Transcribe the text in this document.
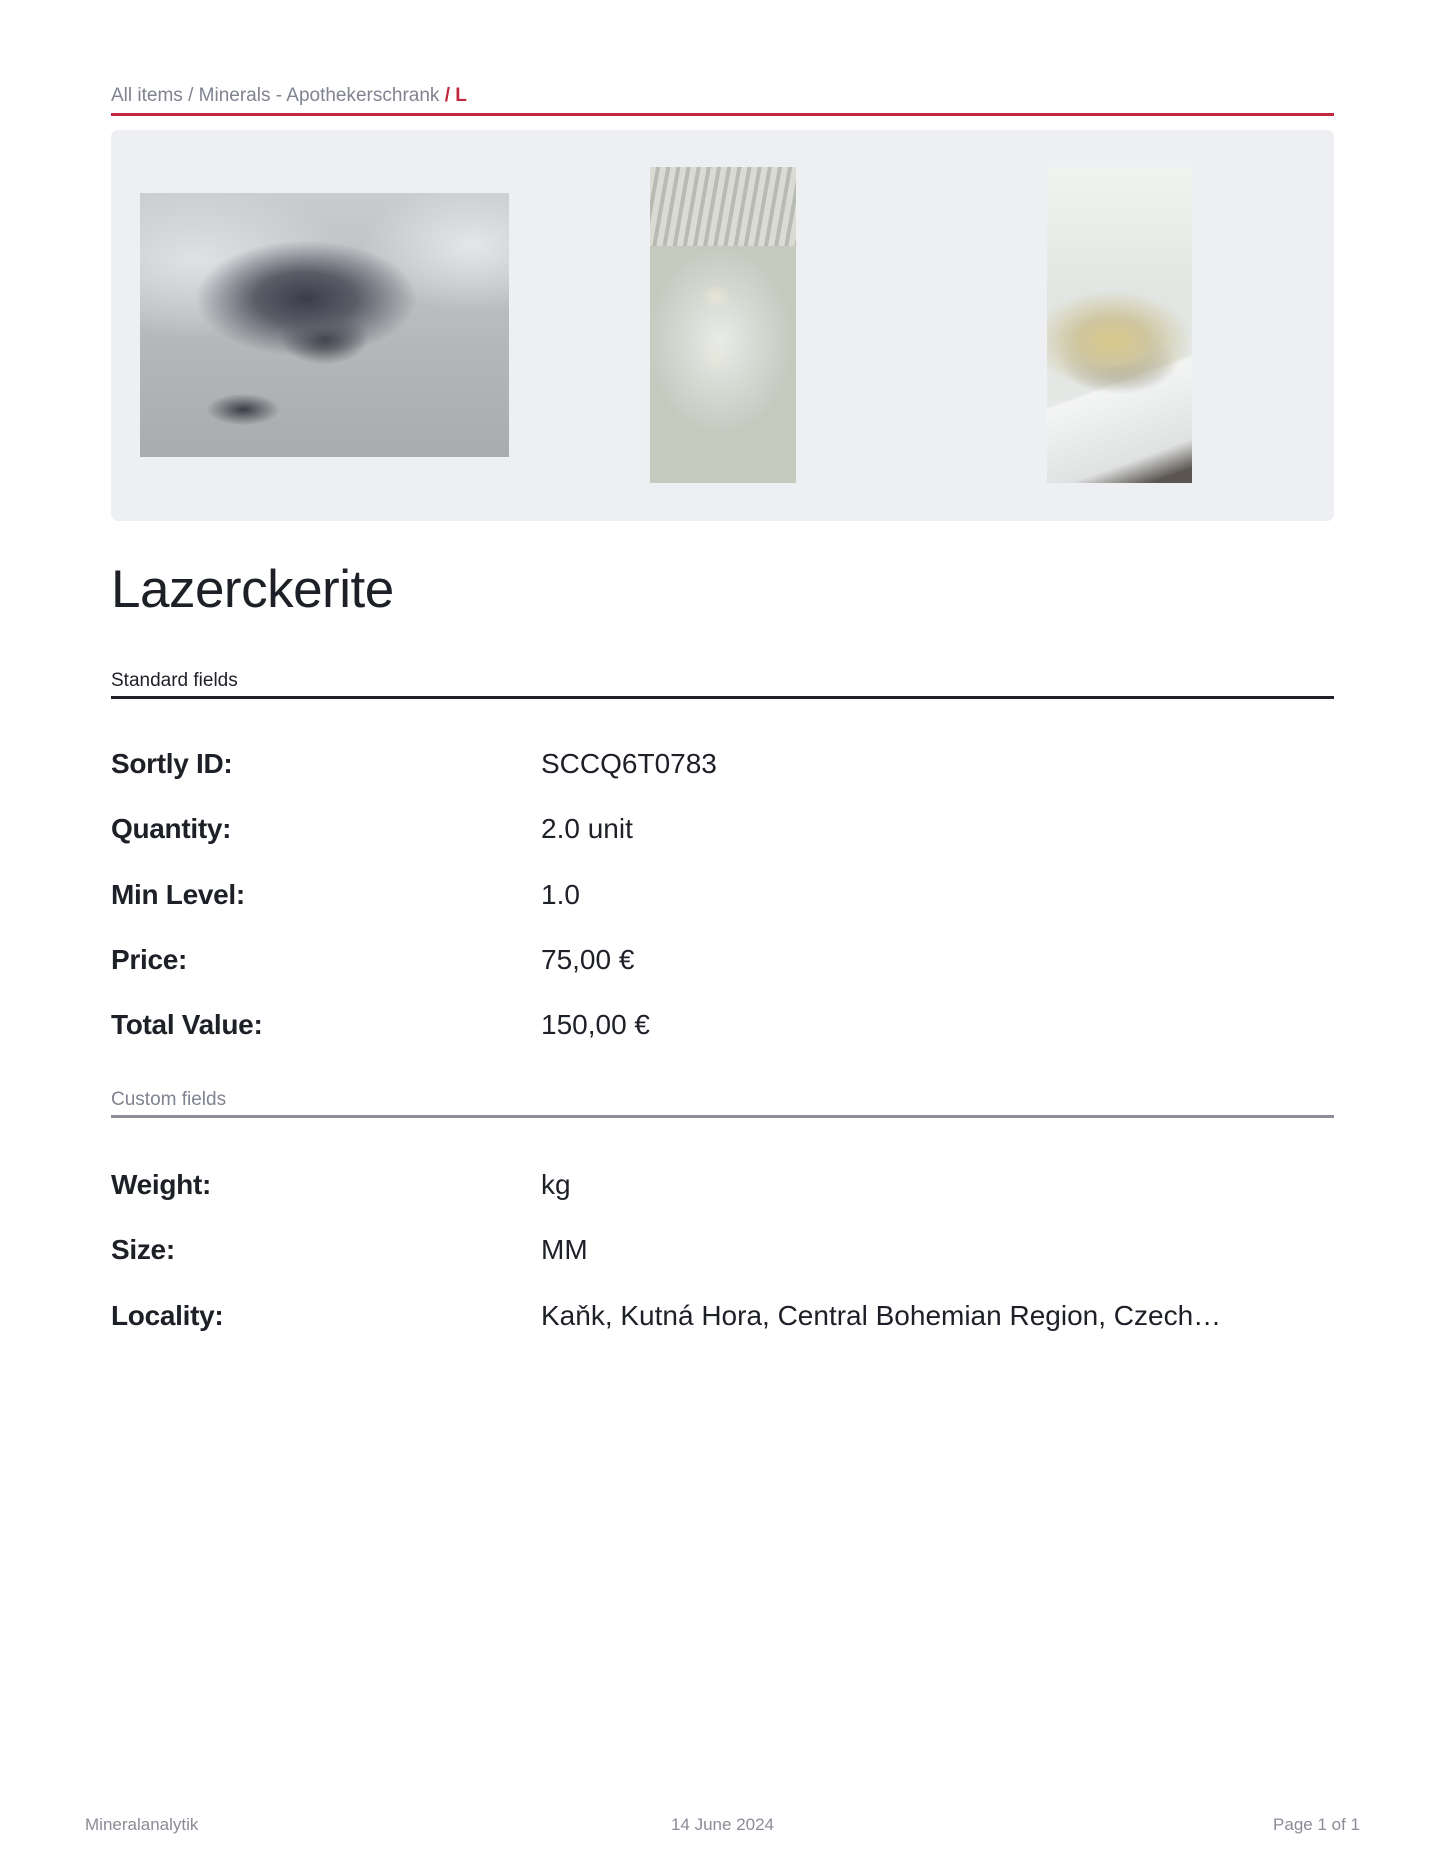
All items / Minerals - Apothekerschrank / L
Lazerckerite
Standard fields
Sortly ID:	SCCQ6T0783
Quantity:	2.0 unit
Min Level:	1.0
Price:	75,00 €
Total Value:	150,00 €
Custom fields
Weight:	kg
Size:	MM
Locality:	Kaňk, Kutná Hora, Central Bohemian Region, Czech…
Mineralanalytik	14 June 2024	Page 1 of 1
